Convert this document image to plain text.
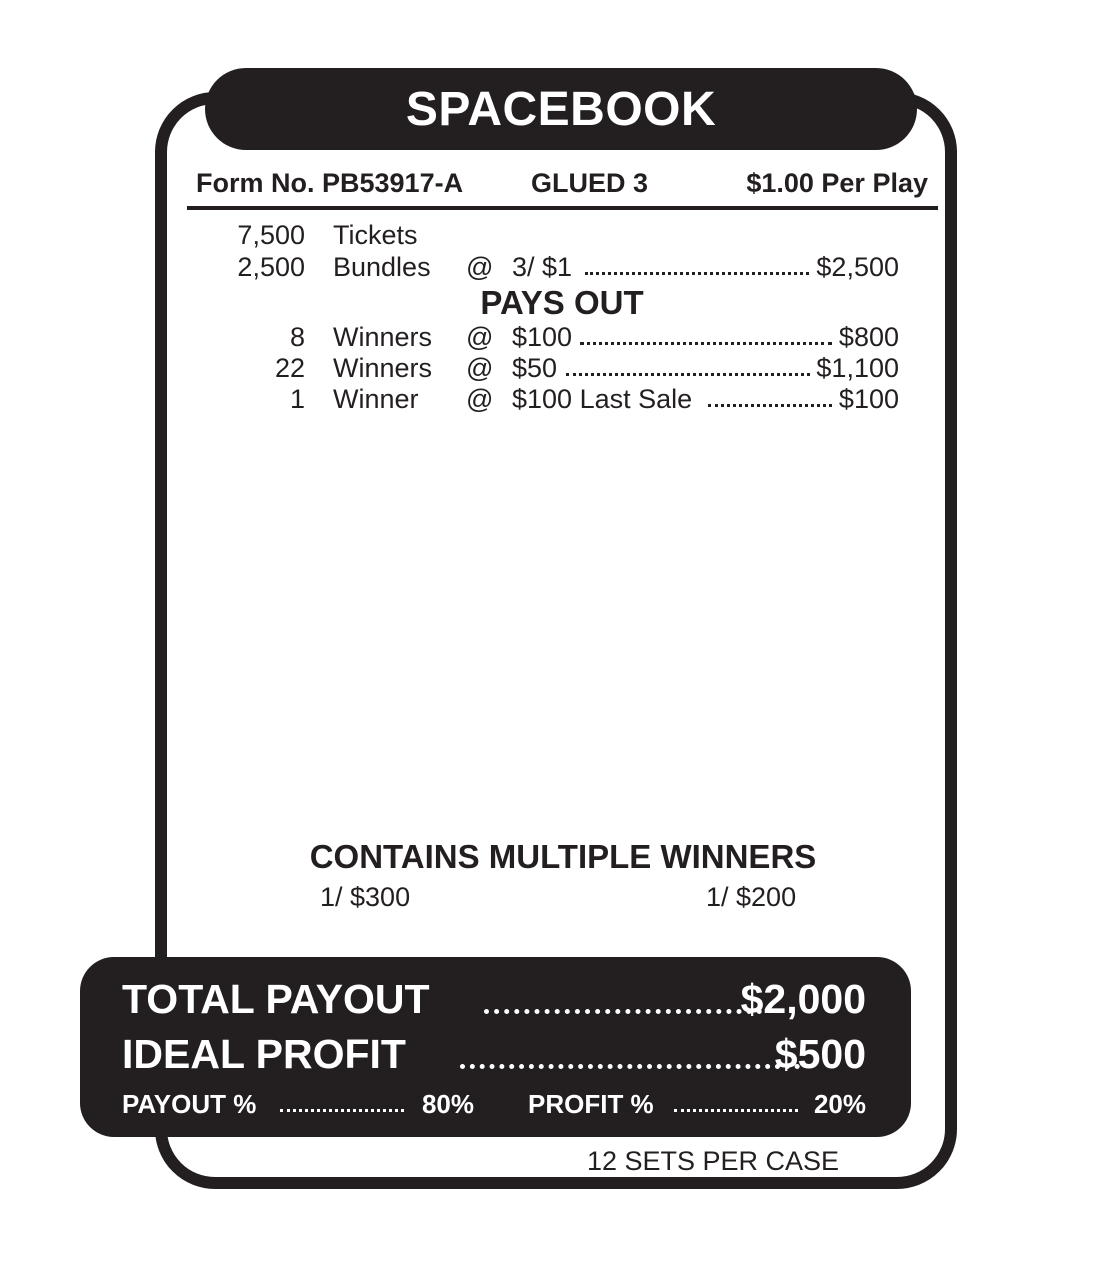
SPACEBOOK
Form No. PB53917-A	GLUED 3	$1.00 Per Play
7,500 Tickets
2,500 Bundles @ 3/ $1	$2,500
PAYS OUT
8 Winners @ $100	$800
22 Winners @ $50	$1,100
1 Winner @ $100 Last Sale	$100
CONTAINS MULTIPLE WINNERS
1/ $300	1/ $200
TOTAL PAYOUT	$2,000
IDEAL PROFIT	$500
PAYOUT %	80% PROFIT %	20%
12 SETS PER CASE
